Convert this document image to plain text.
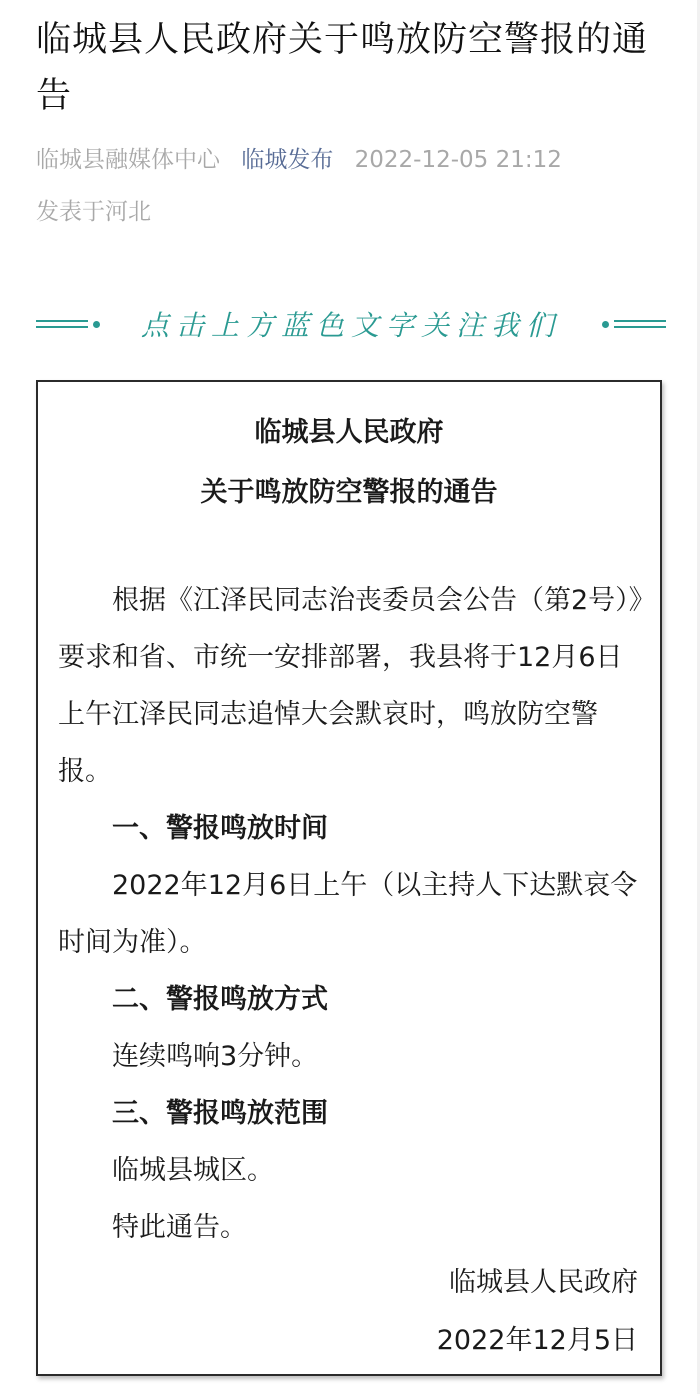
临城县人民政府关于鸣放防空警报的通告
临城县融媒体中心 临城发布 2022-12-05 21:12
发表于河北
点击上方蓝色文字关注我们
临城县人民政府
关于鸣放防空警报的通告

根据《江泽民同志治丧委员会公告（第2号）》要求和省、市统一安排部署，我县将于12月6日上午江泽民同志追悼大会默哀时，鸣放防空警报。

一、警报鸣放时间

2022年12月6日上午（以主持人下达默哀令时间为准）。

二、警报鸣放方式

连续鸣响3分钟。

三、警报鸣放范围

临城县城区。

特此通告。

临城县人民政府
2022年12月5日
